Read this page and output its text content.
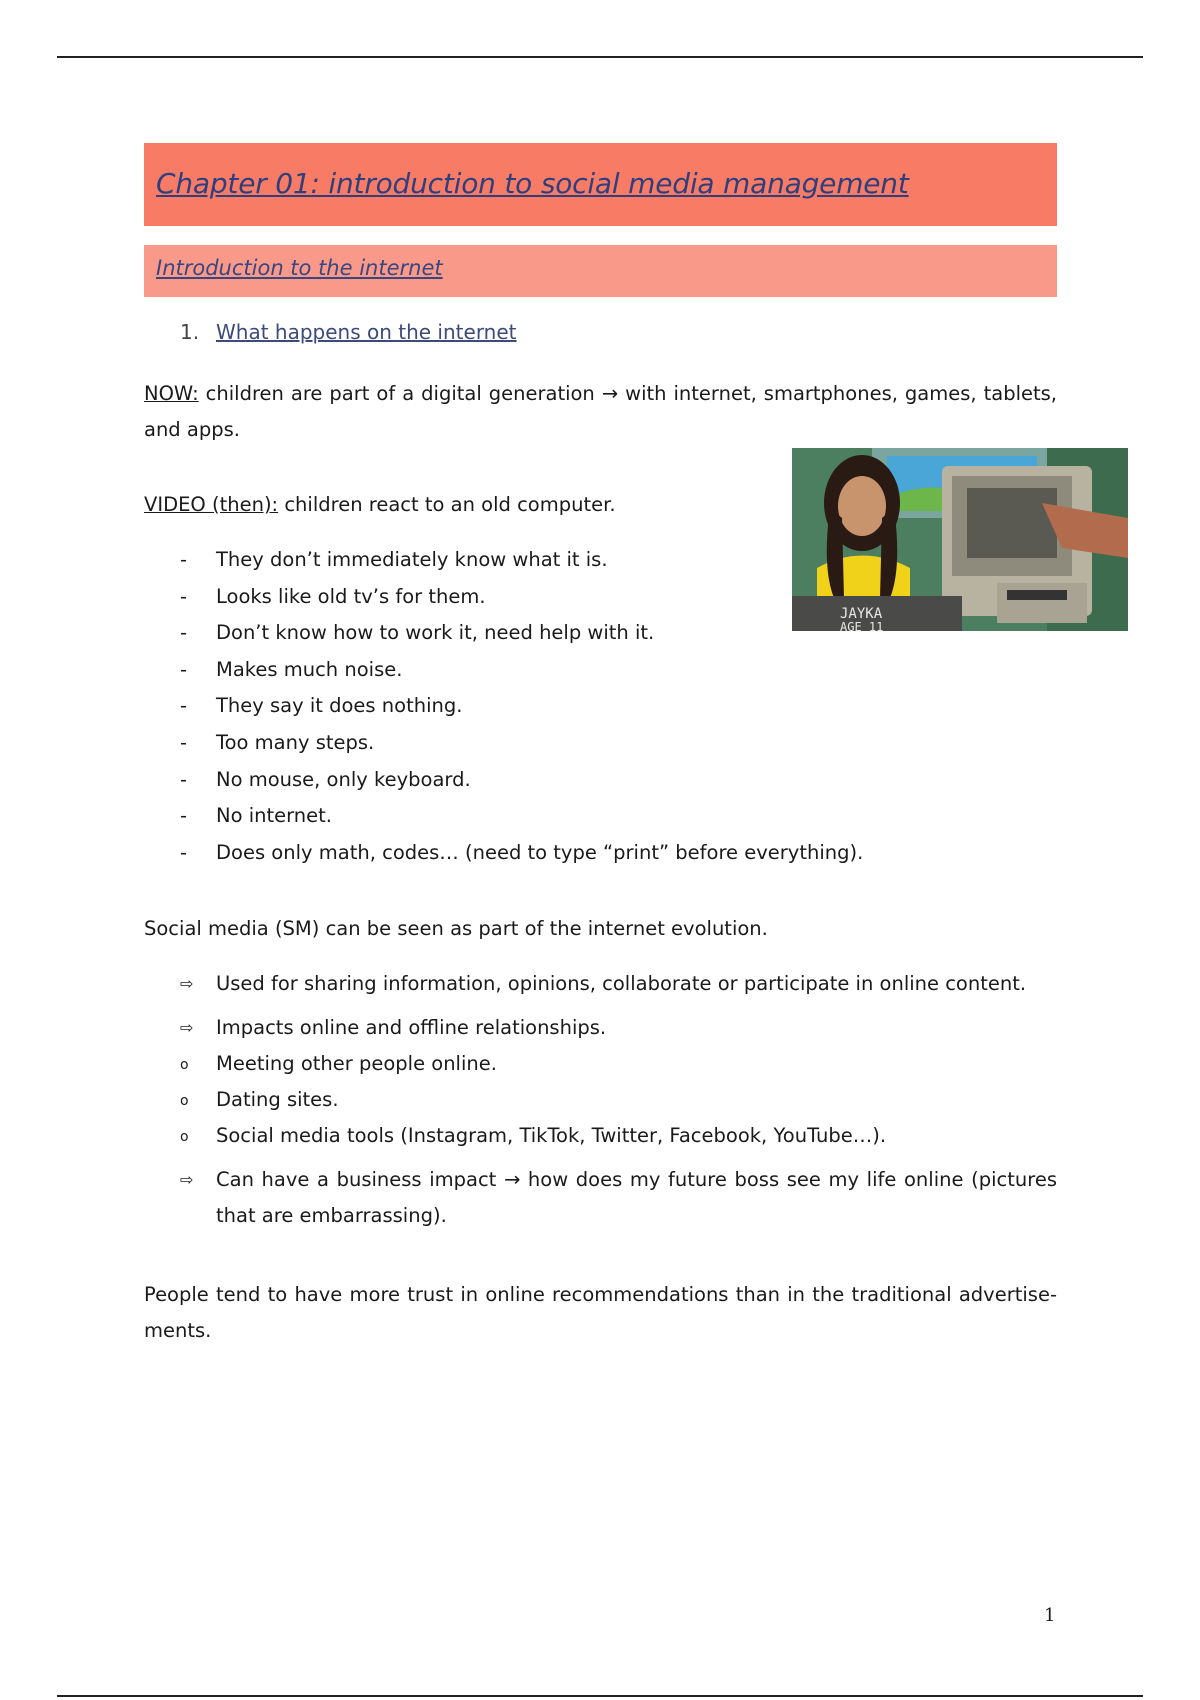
Chapter 01: introduction to social media management
Introduction to the internet
1. What happens on the internet
NOW: children are part of a digital generation → with internet, smartphones, games, tablets, and apps.
VIDEO (then): children react to an old computer.
JAYKA
AGE 11
- They don’t immediately know what it is.
- Looks like old tv’s for them.
- Don’t know how to work it, need help with it.
- Makes much noise.
- They say it does nothing.
- Too many steps.
- No mouse, only keyboard.
- No internet.
- Does only math, codes… (need to type “print” before everything).
Social media (SM) can be seen as part of the internet evolution.
⇨ Used for sharing information, opinions, collaborate or participate in online content.
⇨ Impacts online and offline relationships.
o Meeting other people online.
o Dating sites.
o Social media tools (Instagram, TikTok, Twitter, Facebook, YouTube…).
⇨ Can have a business impact → how does my future boss see my life online (pictures that are embarrassing).
People tend to have more trust in online recommendations than in the traditional advertise-ments.
1
